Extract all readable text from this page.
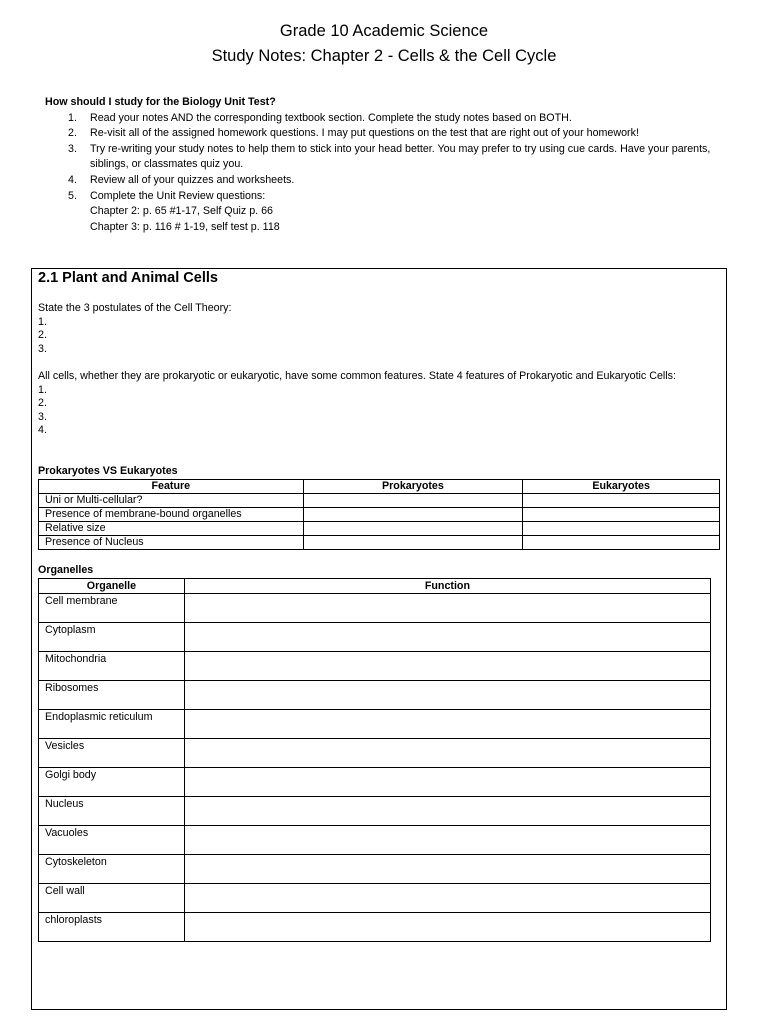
Grade 10 Academic Science
Study Notes: Chapter 2 - Cells & the Cell Cycle
How should I study for the Biology Unit Test?
1. Read your notes AND the corresponding textbook section. Complete the study notes based on BOTH.
2. Re-visit all of the assigned homework questions. I may put questions on the test that are right out of your homework!
3. Try re-writing your study notes to help them to stick into your head better. You may prefer to try using cue cards. Have your parents, siblings, or classmates quiz you.
4. Review all of your quizzes and worksheets.
5. Complete the Unit Review questions:
Chapter 2: p. 65 #1-17, Self Quiz p. 66
Chapter 3: p. 116 # 1-19, self test p. 118
2.1 Plant and Animal Cells
State the 3 postulates of the Cell Theory:
1.
2.
3.
All cells, whether they are prokaryotic or eukaryotic, have some common features. State 4 features of Prokaryotic and Eukaryotic Cells:
1.
2.
3.
4.
Prokaryotes VS Eukaryotes
Feature	Prokaryotes	Eukaryotes
Uni or Multi-cellular?		
Presence of membrane-bound organelles		
Relative size		
Presence of Nucleus		
Organelles
Organelle	Function
Cell membrane	
Cytoplasm	
Mitochondria	
Ribosomes	
Endoplasmic reticulum	
Vesicles	
Golgi body	
Nucleus	
Vacuoles	
Cytoskeleton	
Cell wall	
chloroplasts	
